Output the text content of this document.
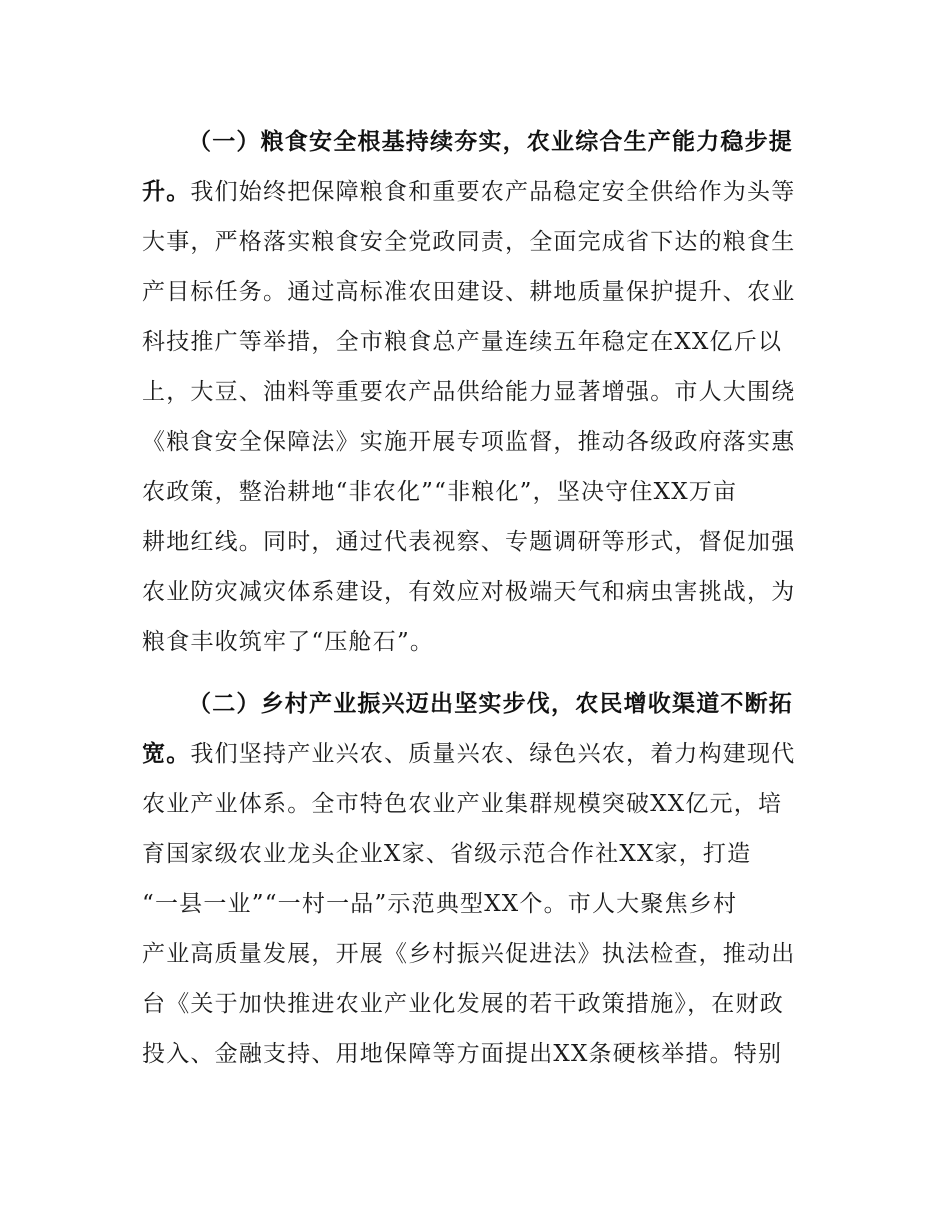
（一）粮食安全根基持续夯实，农业综合生产能力稳步提
升。我们始终把保障粮食和重要农产品稳定安全供给作为头等
大事，严格落实粮食安全党政同责，全面完成省下达的粮食生
产目标任务。通过高标准农田建设、耕地质量保护提升、农业
科技推广等举措，全市粮食总产量连续五年稳定在XX亿斤以
上，大豆、油料等重要农产品供给能力显著增强。市人大围绕
《粮食安全保障法》实施开展专项监督，推动各级政府落实惠
农政策，整治耕地“非农化”“非粮化”，坚决守住XX万亩
耕地红线。同时，通过代表视察、专题调研等形式，督促加强
农业防灾减灾体系建设，有效应对极端天气和病虫害挑战，为
粮食丰收筑牢了“压舱石”。
（二）乡村产业振兴迈出坚实步伐，农民增收渠道不断拓
宽。我们坚持产业兴农、质量兴农、绿色兴农，着力构建现代
农业产业体系。全市特色农业产业集群规模突破XX亿元，培
育国家级农业龙头企业X家、省级示范合作社XX家，打造
“一县一业”“一村一品”示范典型XX个。市人大聚焦乡村
产业高质量发展，开展《乡村振兴促进法》执法检查，推动出
台《关于加快推进农业产业化发展的若干政策措施》，在财政
投入、金融支持、用地保障等方面提出XX条硬核举措。特别
